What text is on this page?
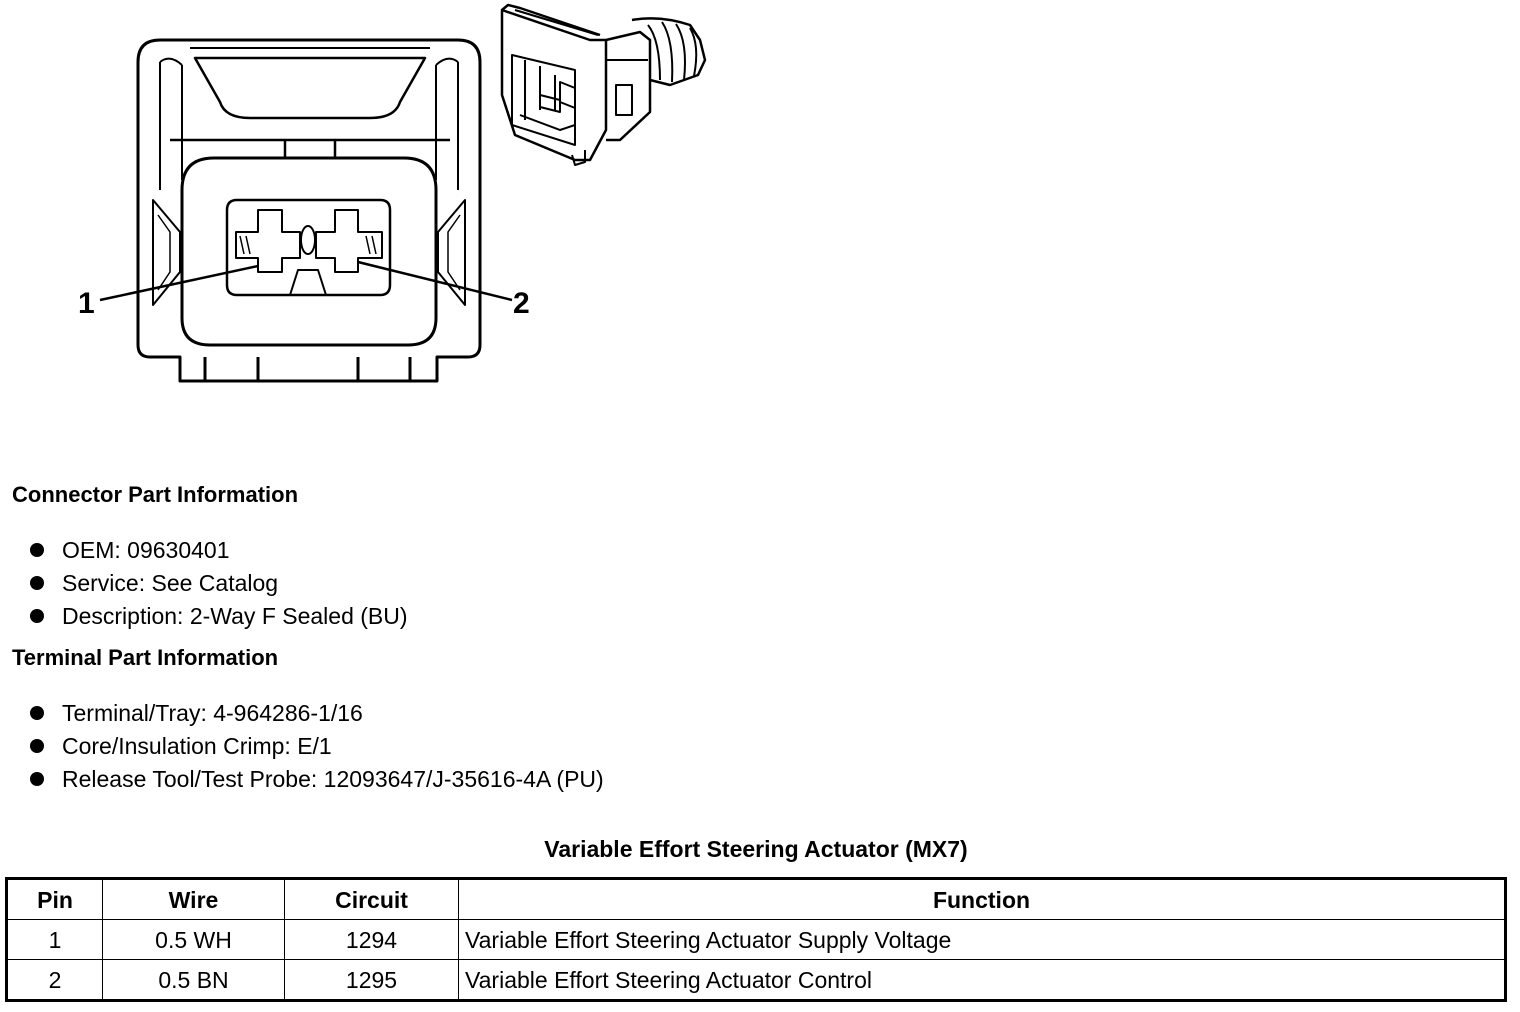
1	2
Connector Part Information
OEM: 09630401
Service: See Catalog
Description: 2-Way F Sealed (BU)
Terminal Part Information
Terminal/Tray: 4-964286-1/16
Core/Insulation Crimp: E/1
Release Tool/Test Probe: 12093647/J-35616-4A (PU)
Variable Effort Steering Actuator (MX7)
Pin	Wire	Circuit	Function
1	0.5 WH	1294	Variable Effort Steering Actuator Supply Voltage
2	0.5 BN	1295	Variable Effort Steering Actuator Control
